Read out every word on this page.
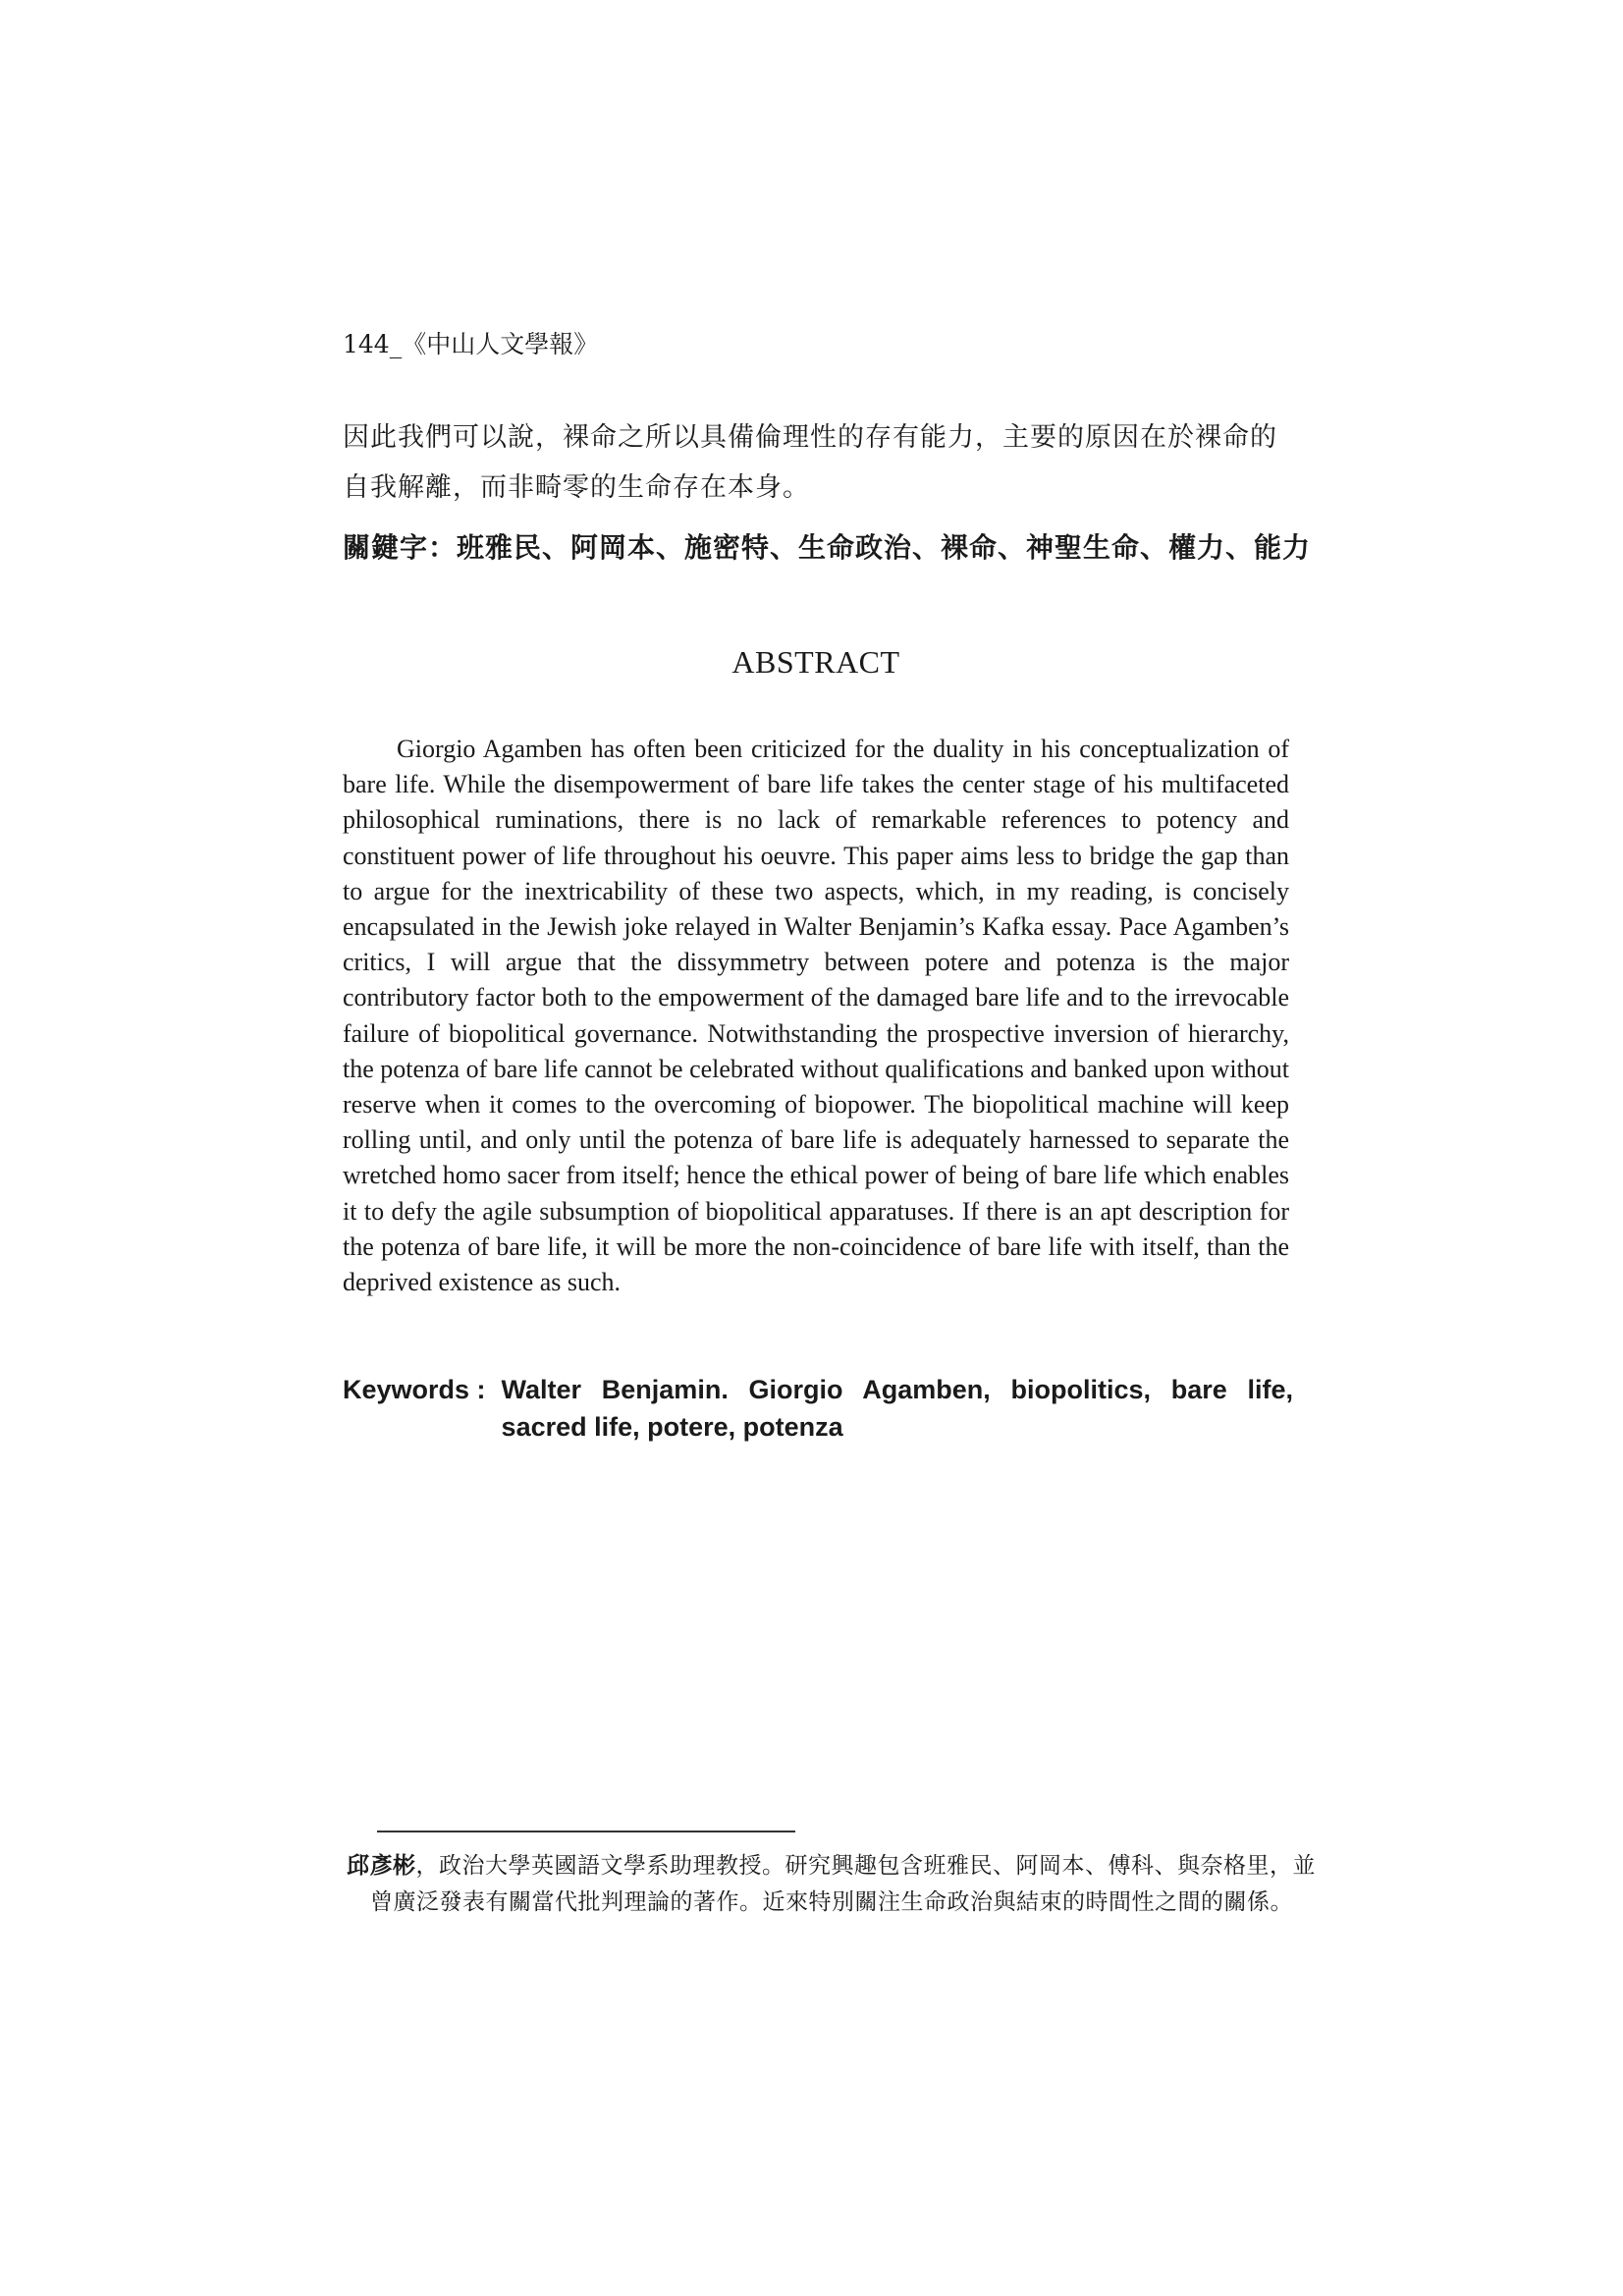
144_《中山人文學報》
因此我們可以說，裸命之所以具備倫理性的存有能力，主要的原因在於裸命的自我解離，而非畸零的生命存在本身。
關鍵字：班雅民、阿岡本、施密特、生命政治、裸命、神聖生命、權力、能力
ABSTRACT

Giorgio Agamben has often been criticized for the duality in his conceptualization of bare life. While the disempowerment of bare life takes the center stage of his multifaceted philosophical ruminations, there is no lack of remarkable references to potency and constituent power of life throughout his oeuvre. This paper aims less to bridge the gap than to argue for the inextricability of these two aspects, which, in my reading, is concisely encapsulated in the Jewish joke relayed in Walter Benjamin’s Kafka essay. Pace Agamben’s critics, I will argue that the dissymmetry between potere and potenza is the major contributory factor both to the empowerment of the damaged bare life and to the irrevocable failure of biopolitical governance. Notwithstanding the prospective inversion of hierarchy, the potenza of bare life cannot be celebrated without qualifications and banked upon without reserve when it comes to the overcoming of biopower. The biopolitical machine will keep rolling until, and only until the potenza of bare life is adequately harnessed to separate the wretched homo sacer from itself; hence the ethical power of being of bare life which enables it to defy the agile subsumption of biopolitical apparatuses. If there is an apt description for the potenza of bare life, it will be more the non-coincidence of bare life with itself, than the deprived existence as such.

Keywords : Walter Benjamin. Giorgio Agamben, biopolitics, bare life, sacred life, potere, potenza
邱彥彬，政治大學英國語文學系助理教授。研究興趣包含班雅民、阿岡本、傅科、與奈格里，並曾廣泛發表有關當代批判理論的著作。近來特別關注生命政治與結束的時間性之間的關係。
